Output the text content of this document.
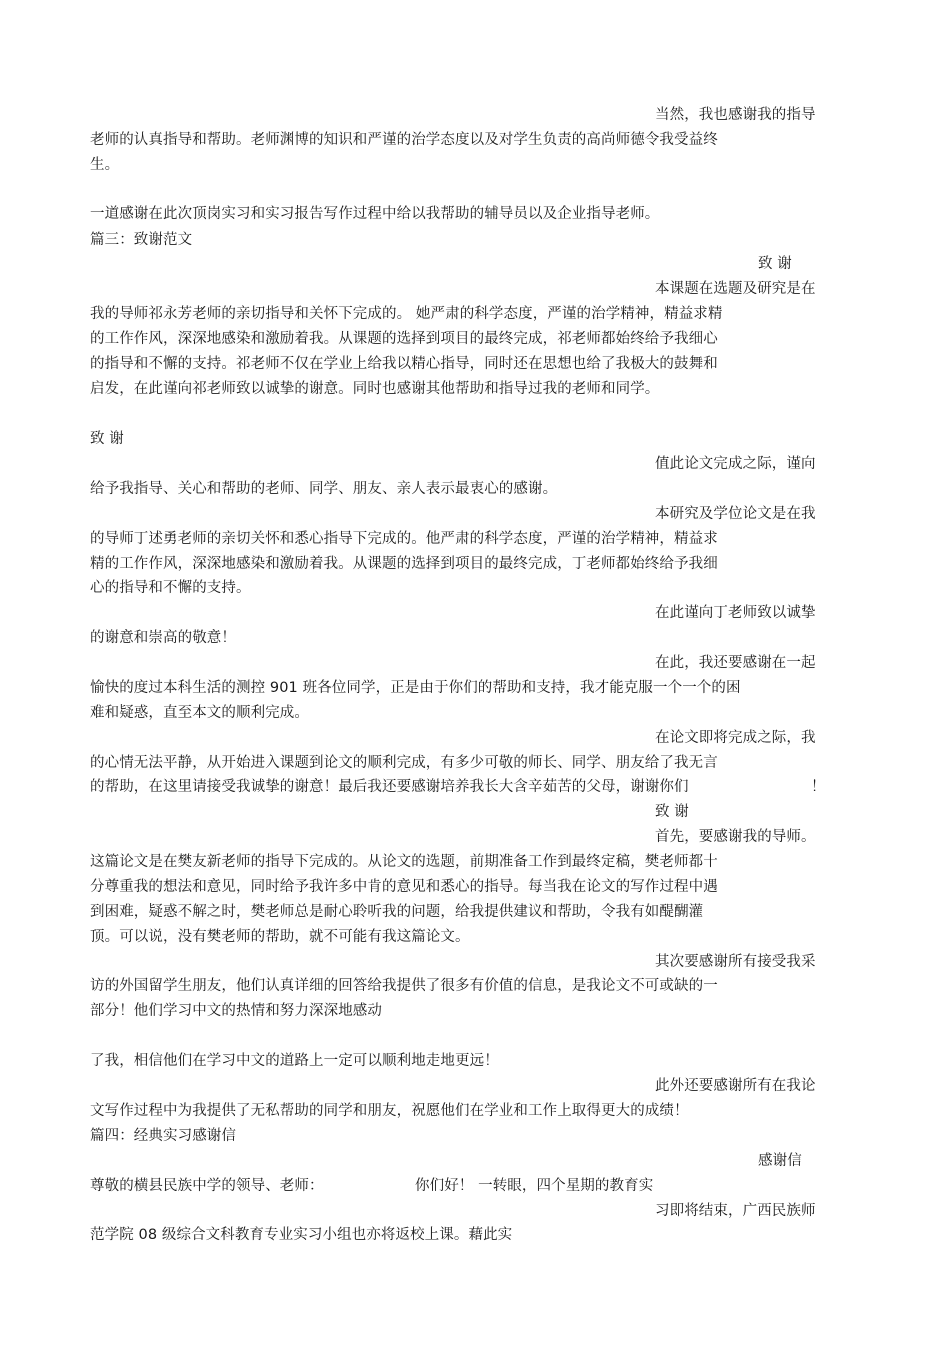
当然，我也感谢我的指导
老师的认真指导和帮助。老师渊博的知识和严谨的治学态度以及对学生负责的高尚师德令我受益终
生。
一道感谢在此次顶岗实习和实习报告写作过程中给以我帮助的辅导员以及企业指导老师。
篇三：致谢范文
致 谢
本课题在选题及研究是在
我的导师祁永芳老师的亲切指导和关怀下完成的。 她严肃的科学态度，严谨的治学精神，精益求精
的工作作风，深深地感染和激励着我。从课题的选择到项目的最终完成，祁老师都始终给予我细心
的指导和不懈的支持。祁老师不仅在学业上给我以精心指导，同时还在思想也给了我极大的鼓舞和
启发，在此谨向祁老师致以诚挚的谢意。同时也感谢其他帮助和指导过我的老师和同学。
致 谢
值此论文完成之际，谨向
给予我指导、关心和帮助的老师、同学、朋友、亲人表示最衷心的感谢。
本研究及学位论文是在我
的导师丁述勇老师的亲切关怀和悉心指导下完成的。他严肃的科学态度，严谨的治学精神，精益求
精的工作作风，深深地感染和激励着我。从课题的选择到项目的最终完成，丁老师都始终给予我细
心的指导和不懈的支持。
在此谨向丁老师致以诚挚
的谢意和崇高的敬意！
在此，我还要感谢在一起
愉快的度过本科生活的测控 901 班各位同学，正是由于你们的帮助和支持，我才能克服一个一个的困
难和疑惑，直至本文的顺利完成。
在论文即将完成之际，我
的心情无法平静，从开始进入课题到论文的顺利完成，有多少可敬的师长、同学、朋友给了我无言
的帮助，在这里请接受我诚挚的谢意！最后我还要感谢培养我长大含辛茹苦的父母，谢谢你们	！
致 谢
首先，要感谢我的导师。
这篇论文是在樊友新老师的指导下完成的。从论文的选题，前期准备工作到最终定稿，樊老师都十
分尊重我的想法和意见，同时给予我许多中肯的意见和悉心的指导。每当我在论文的写作过程中遇
到困难，疑惑不解之时，樊老师总是耐心聆听我的问题，给我提供建议和帮助，令我有如醍醐灌
顶。可以说，没有樊老师的帮助，就不可能有我这篇论文。
其次要感谢所有接受我采
访的外国留学生朋友，他们认真详细的回答给我提供了很多有价值的信息，是我论文不可或缺的一
部分！他们学习中文的热情和努力深深地感动
了我，相信他们在学习中文的道路上一定可以顺利地走地更远！
此外还要感谢所有在我论
文写作过程中为我提供了无私帮助的同学和朋友，祝愿他们在学业和工作上取得更大的成绩！
篇四：经典实习感谢信
感谢信
尊敬的横县民族中学的领导、老师：	你们好！ 一转眼，四个星期的教育实
习即将结束，广西民族师
范学院 08 级综合文科教育专业实习小组也亦将返校上课。藉此实
